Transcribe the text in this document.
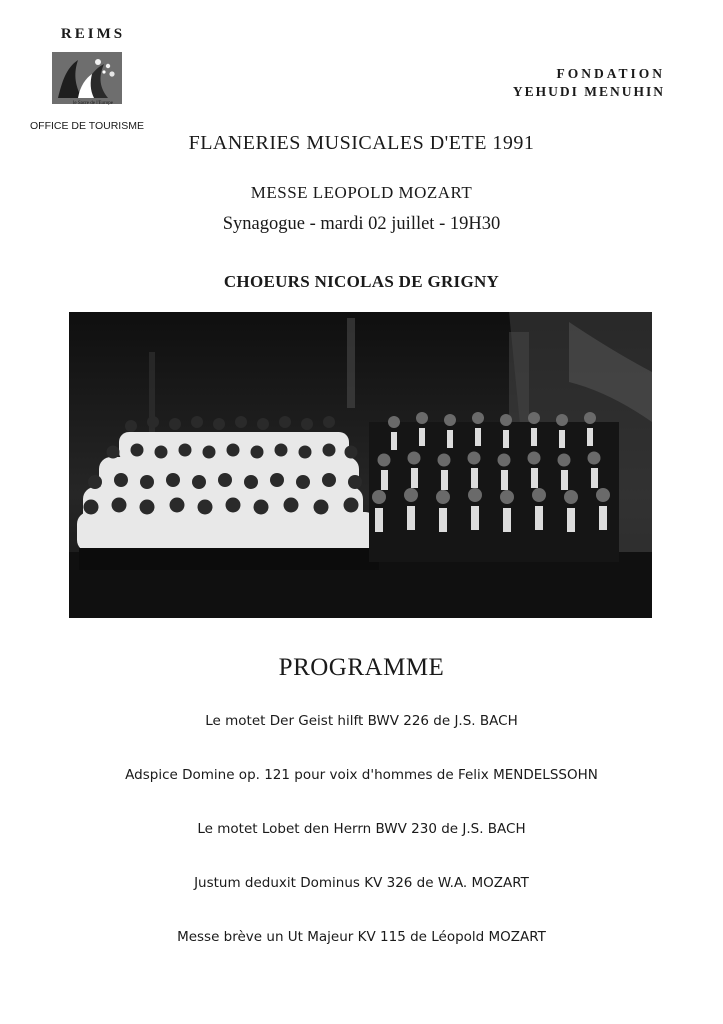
REIMS
le Sacre de l'Europe
OFFICE DE TOURISME
FONDATION
YEHUDI MENUHIN
FLANERIES MUSICALES D'ETE 1991
MESSE LEOPOLD MOZART
Synagogue - mardi 02 juillet - 19H30
CHOEURS NICOLAS DE GRIGNY
PROGRAMME
Le motet Der Geist hilft BWV 226 de J.S. BACH
Adspice Domine op. 121 pour voix d'hommes de Felix MENDELSSOHN
Le motet Lobet den Herrn BWV 230 de J.S. BACH
Justum deduxit Dominus KV 326 de W.A. MOZART
Messe brève un Ut Majeur KV 115 de Léopold MOZART
